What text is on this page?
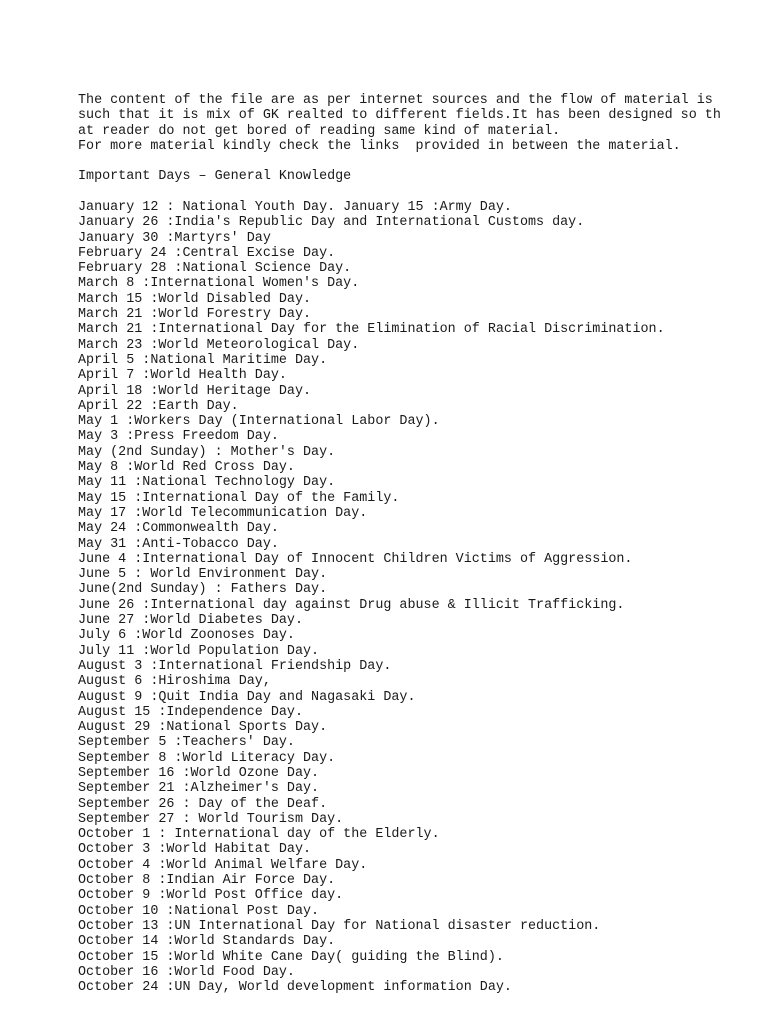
The content of the file are as per internet sources and the flow of material is
such that it is mix of GK realted to different fields.It has been designed so th
at reader do not get bored of reading same kind of material.
For more material kindly check the links  provided in between the material.
Important Days – General Knowledge
January 12 : National Youth Day. January 15 :Army Day.
January 26 :India's Republic Day and International Customs day.
January 30 :Martyrs' Day
February 24 :Central Excise Day.
February 28 :National Science Day.
March 8 :International Women's Day.
March 15 :World Disabled Day.
March 21 :World Forestry Day.
March 21 :International Day for the Elimination of Racial Discrimination.
March 23 :World Meteorological Day.
April 5 :National Maritime Day.
April 7 :World Health Day.
April 18 :World Heritage Day.
April 22 :Earth Day.
May 1 :Workers Day (International Labor Day).
May 3 :Press Freedom Day.
May (2nd Sunday) : Mother's Day.
May 8 :World Red Cross Day.
May 11 :National Technology Day.
May 15 :International Day of the Family.
May 17 :World Telecommunication Day.
May 24 :Commonwealth Day.
May 31 :Anti-Tobacco Day.
June 4 :International Day of Innocent Children Victims of Aggression.
June 5 : World Environment Day.
June(2nd Sunday) : Fathers Day.
June 26 :International day against Drug abuse & Illicit Trafficking.
June 27 :World Diabetes Day.
July 6 :World Zoonoses Day.
July 11 :World Population Day.
August 3 :International Friendship Day.
August 6 :Hiroshima Day,
August 9 :Quit India Day and Nagasaki Day.
August 15 :Independence Day.
August 29 :National Sports Day.
September 5 :Teachers' Day.
September 8 :World Literacy Day.
September 16 :World Ozone Day.
September 21 :Alzheimer's Day.
September 26 : Day of the Deaf.
September 27 : World Tourism Day.
October 1 : International day of the Elderly.
October 3 :World Habitat Day.
October 4 :World Animal Welfare Day.
October 8 :Indian Air Force Day.
October 9 :World Post Office day.
October 10 :National Post Day.
October 13 :UN International Day for National disaster reduction.
October 14 :World Standards Day.
October 15 :World White Cane Day( guiding the Blind).
October 16 :World Food Day.
October 24 :UN Day, World development information Day.
